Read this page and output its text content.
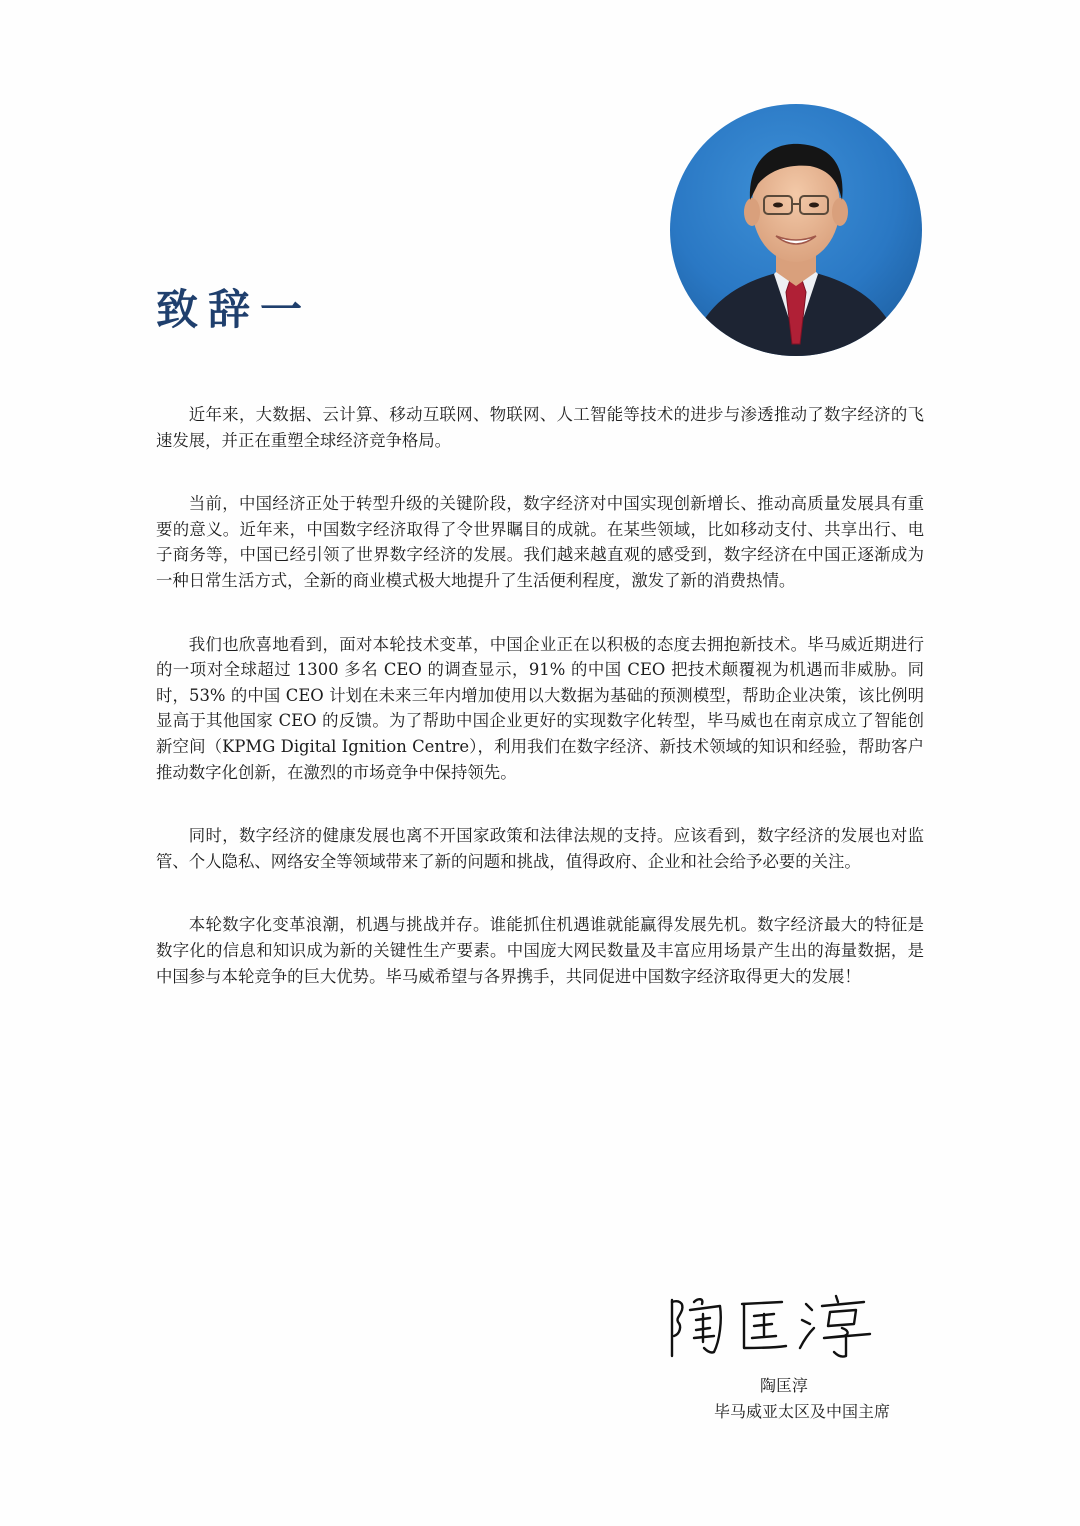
致辞一

近年来，大数据、云计算、移动互联网、物联网、人工智能等技术的进步与渗透推动了数字经济的飞速发展，并正在重塑全球经济竞争格局。

当前，中国经济正处于转型升级的关键阶段，数字经济对中国实现创新增长、推动高质量发展具有重要的意义。近年来，中国数字经济取得了令世界瞩目的成就。在某些领域，比如移动支付、共享出行、电子商务等，中国已经引领了世界数字经济的发展。我们越来越直观的感受到，数字经济在中国正逐渐成为一种日常生活方式，全新的商业模式极大地提升了生活便利程度，激发了新的消费热情。

我们也欣喜地看到，面对本轮技术变革，中国企业正在以积极的态度去拥抱新技术。毕马威近期进行的一项对全球超过 1300 多名 CEO 的调查显示，91% 的中国 CEO 把技术颠覆视为机遇而非威胁。同时，53% 的中国 CEO 计划在未来三年内增加使用以大数据为基础的预测模型，帮助企业决策，该比例明显高于其他国家 CEO 的反馈。为了帮助中国企业更好的实现数字化转型，毕马威也在南京成立了智能创新空间（KPMG Digital Ignition Centre），利用我们在数字经济、新技术领域的知识和经验，帮助客户推动数字化创新，在激烈的市场竞争中保持领先。

同时，数字经济的健康发展也离不开国家政策和法律法规的支持。应该看到，数字经济的发展也对监管、个人隐私、网络安全等领域带来了新的问题和挑战，值得政府、企业和社会给予必要的关注。

本轮数字化变革浪潮，机遇与挑战并存。谁能抓住机遇谁就能赢得发展先机。数字经济最大的特征是数字化的信息和知识成为新的关键性生产要素。中国庞大网民数量及丰富应用场景产生出的海量数据，是中国参与本轮竞争的巨大优势。毕马威希望与各界携手，共同促进中国数字经济取得更大的发展！

陶匡淳
毕马威亚太区及中国主席
